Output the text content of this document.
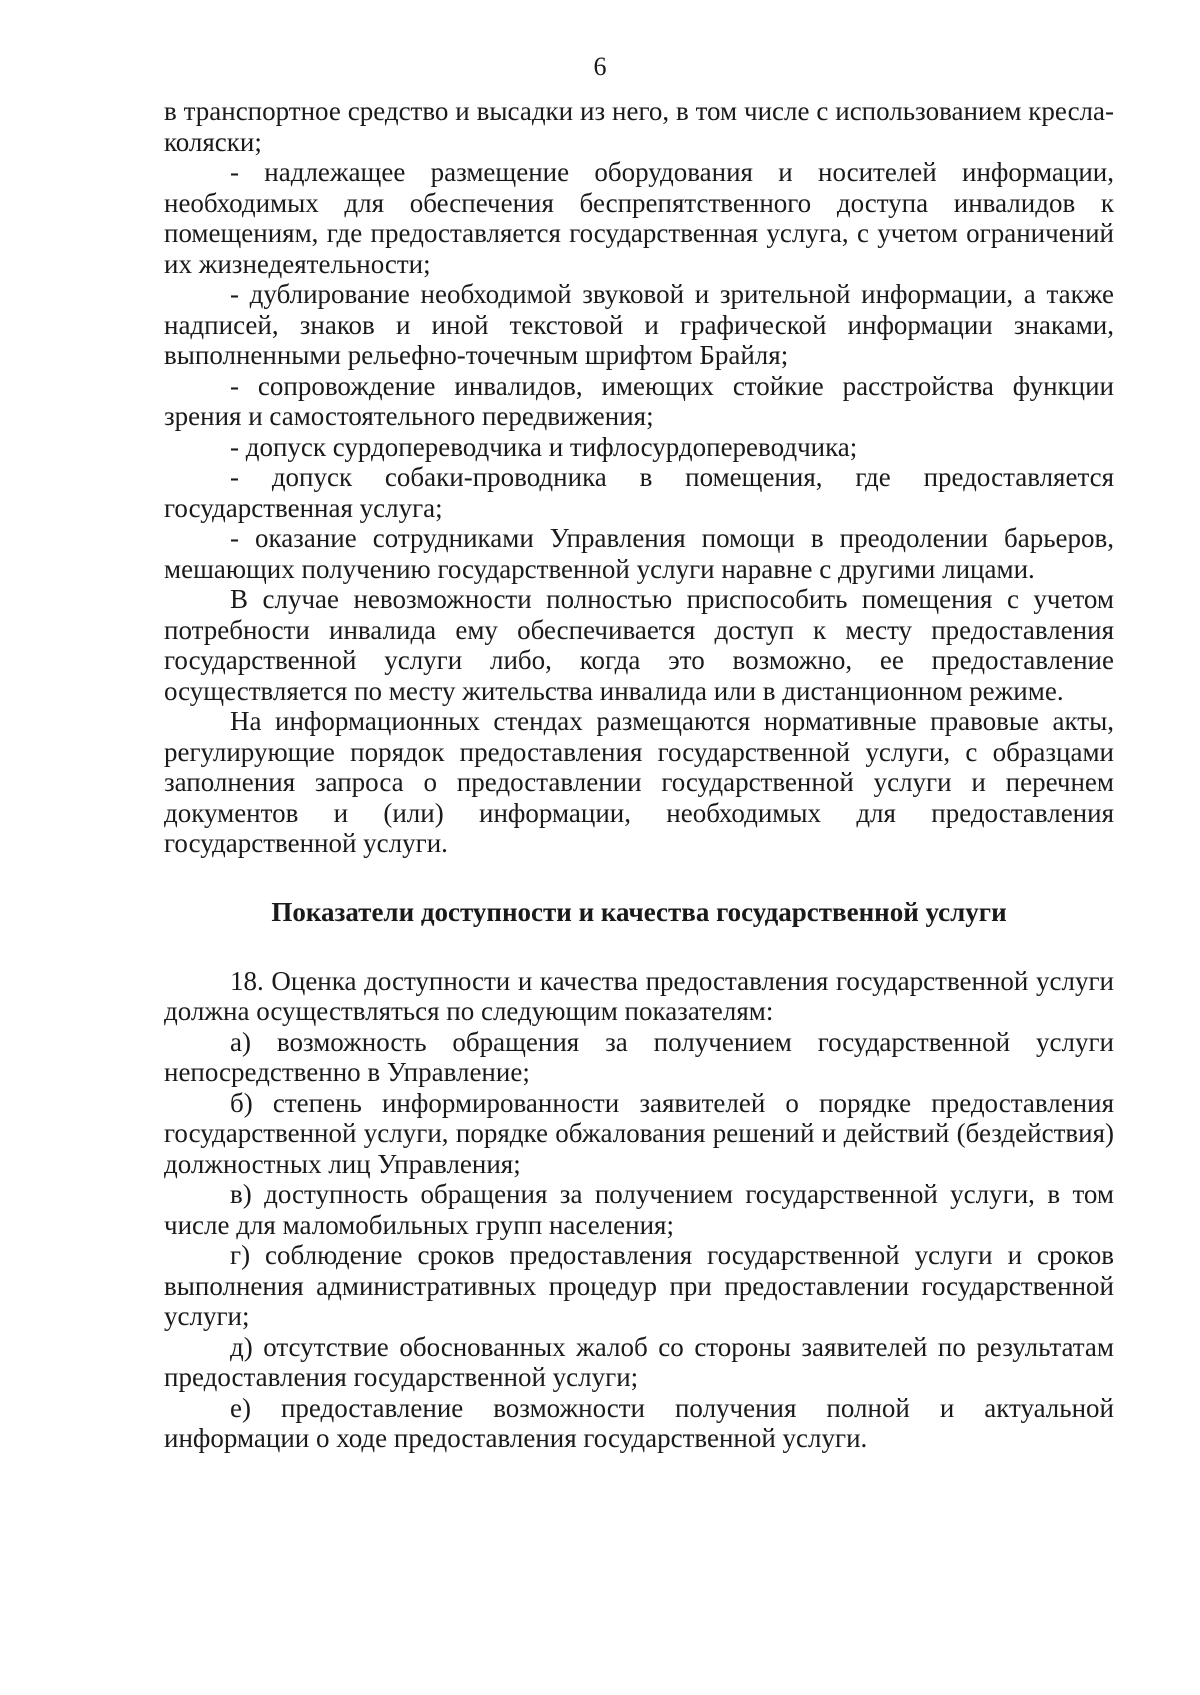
6

в транспортное средство и высадки из него, в том числе с использованием кресла-коляски;

- надлежащее размещение оборудования и носителей информации, необходимых для обеспечения беспрепятственного доступа инвалидов к помещениям, где предоставляется государственная услуга, с учетом ограничений их жизнедеятельности;

- дублирование необходимой звуковой и зрительной информации, а также надписей, знаков и иной текстовой и графической информации знаками, выполненными рельефно-точечным шрифтом Брайля;

- сопровождение инвалидов, имеющих стойкие расстройства функции зрения и самостоятельного передвижения;

- допуск сурдопереводчика и тифлосурдопереводчика;

- допуск собаки-проводника в помещения, где предоставляется государственная услуга;

- оказание сотрудниками Управления помощи в преодолении барьеров, мешающих получению государственной услуги наравне с другими лицами.

В случае невозможности полностью приспособить помещения с учетом потребности инвалида ему обеспечивается доступ к месту предоставления государственной услуги либо, когда это возможно, ее предоставление осуществляется по месту жительства инвалида или в дистанционном режиме.

На информационных стендах размещаются нормативные правовые акты, регулирующие порядок предоставления государственной услуги, с образцами заполнения запроса о предоставлении государственной услуги и перечнем документов и (или) информации, необходимых для предоставления государственной услуги.

Показатели доступности и качества государственной услуги

18. Оценка доступности и качества предоставления государственной услуги должна осуществляться по следующим показателям:

а) возможность обращения за получением государственной услуги непосредственно в Управление;

б) степень информированности заявителей о порядке предоставления государственной услуги, порядке обжалования решений и действий (бездействия) должностных лиц Управления;

в) доступность обращения за получением государственной услуги, в том числе для маломобильных групп населения;

г) соблюдение сроков предоставления государственной услуги и сроков выполнения административных процедур при предоставлении государственной услуги;

д) отсутствие обоснованных жалоб со стороны заявителей по результатам предоставления государственной услуги;

е) предоставление возможности получения полной и актуальной информации о ходе предоставления государственной услуги.
